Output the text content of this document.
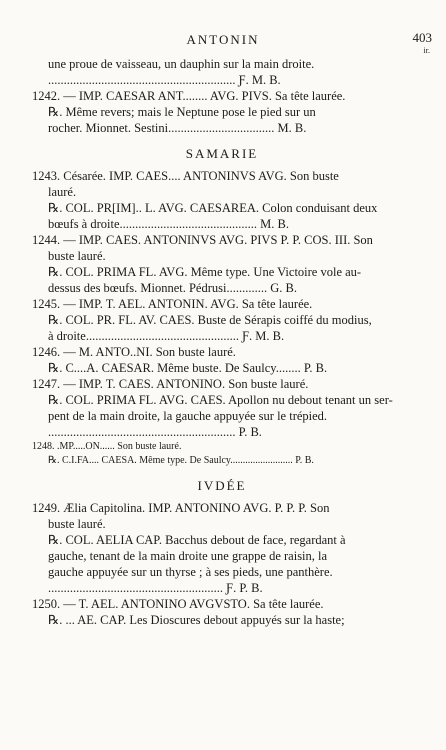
ANTONIN	403
ir.
une proue de vaisseau, un dauphin sur la main droite.
............................................................ Ƒ. M. B.
1242. — IMP. CAESAR ANT........ AVG. PIVS. Sa tête laurée.
℞. Même revers; mais le Neptune pose le pied sur un
rocher. Mionnet. Sestini.................................. M. B.
SAMARIE
1243. Césarée. IMP. CAES.... ANTONINVS AVG. Son buste
lauré.
℞. COL. PR[IM].. L. AVG. CAESAREA. Colon conduisant deux
bœufs à droite............................................ M. B.
1244. — IMP. CAES. ANTONINVS AVG. PIVS P. P. COS. III. Son
buste lauré.
℞. COL. PRIMA FL. AVG. Même type. Une Victoire vole au-
dessus des bœufs. Mionnet. Pédrusi............. G. B.
1245. — IMP. T. AEL. ANTONIN. AVG. Sa tête laurée.
℞. COL. PR. FL. AV. CAES. Buste de Sérapis coiffé du modius,
à droite................................................. Ƒ. M. B.
1246. — M. ANTO..NI. Son buste lauré.
℞. C....A. CAESAR. Même buste. De Saulcy........ P. B.
1247. — IMP. T. CAES. ANTONINO. Son buste lauré.
℞. COL. PRIMA FL. AVG. CAES. Apollon nu debout tenant un ser-
pent de la main droite, la gauche appuyée sur le trépied.
............................................................ P. B.
1248. .MP.....ON...... Son buste lauré.
℞. C.I.FA.... CAESA. Même type. De Saulcy......................... P. B.
IVDÉE
1249. Ælia Capitolina. IMP. ANTONINO AVG. P. P. P. Son
buste lauré.
℞. COL. AELIA CAP. Bacchus debout de face, regardant à
gauche, tenant de la main droite une grappe de raisin, la
gauche appuyée sur un thyrse ; à ses pieds, une panthère.
........................................................ Ƒ. P. B.
1250. — T. AEL. ANTONINO AVGVSTO. Sa tête laurée.
℞. ... AE. CAP. Les Dioscures debout appuyés sur la haste;
